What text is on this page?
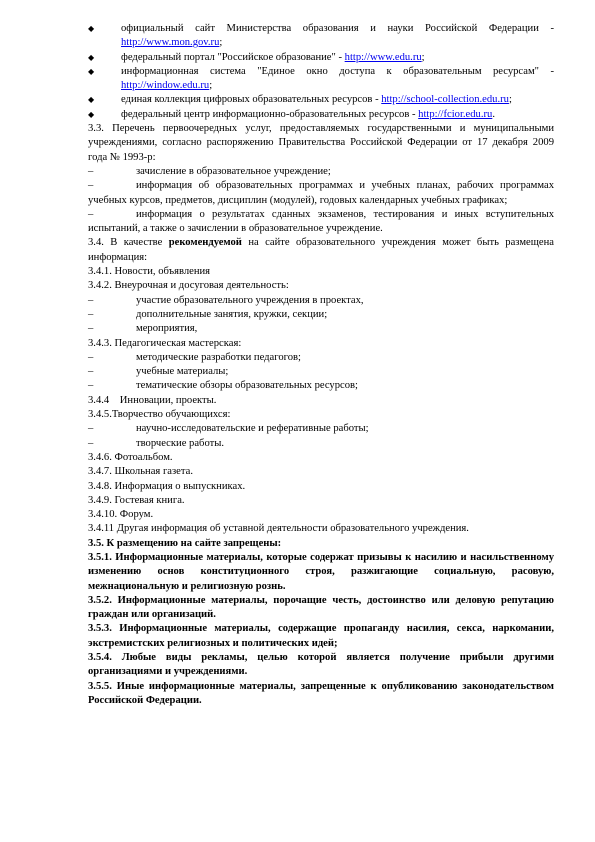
◆	официальный сайт Министерства образования и науки Российской Федерации - http://www.mon.gov.ru;

◆	федеральный портал "Российское образование" - http://www.edu.ru;

◆	информационная система "Единое окно доступа к образовательным ресурсам" - http://window.edu.ru;

◆	единая коллекция цифровых образовательных ресурсов - http://school-collection.edu.ru;

◆	федеральный центр информационно-образовательных ресурсов - http://fcior.edu.ru.

3.3. Перечень первоочередных услуг, предоставляемых государственными и муниципальными учреждениями, согласно распоряжению Правительства Российской Федерации от 17 декабря 2009 года № 1993-р:

–	зачисление в образовательное учреждение;

–	информация об образовательных программах и учебных планах, рабочих программах учебных курсов, предметов, дисциплин (модулей), годовых календарных учебных графиках;

–	информация о результатах сданных экзаменов, тестирования и иных вступительных испытаний, а также о зачислении в образовательное учреждение.

3.4. В качестве рекомендуемой на сайте образовательного учреждения может быть размещена информация:

3.4.1. Новости, объявления

3.4.2. Внеурочная и досуговая деятельность:

–	участие образовательного учреждения в проектах,

–	дополнительные занятия, кружки, секции;

–	мероприятия,

3.4.3. Педагогическая мастерская:

–	методические разработки педагогов;

–	учебные материалы;

–	тематические обзоры образовательных ресурсов;

3.4.4    Инновации, проекты.

3.4.5.Творчество обучающихся:

–	научно-исследовательские и реферативные работы;

–	творческие работы.

3.4.6. Фотоальбом.

3.4.7. Школьная газета.

3.4.8. Информация о выпускниках.

3.4.9. Гостевая книга.

3.4.10. Форум.

3.4.11 Другая информация об уставной деятельности образовательного учреждения.

3.5. К размещению на сайте запрещены:

3.5.1. Информационные материалы, которые содержат призывы к насилию и насильственному изменению основ конституционного строя, разжигающие социальную, расовую, межнациональную и религиозную рознь.

3.5.2. Информационные материалы, порочащие честь, достоинство или деловую репутацию граждан или организаций.

3.5.3. Информационные материалы, содержащие пропаганду насилия, секса, наркомании, экстремистских религиозных и политических идей;

3.5.4. Любые виды рекламы, целью которой является получение прибыли другими организациями и учреждениями.

3.5.5. Иные информационные материалы, запрещенные к опубликованию законодательством Российской Федерации.
